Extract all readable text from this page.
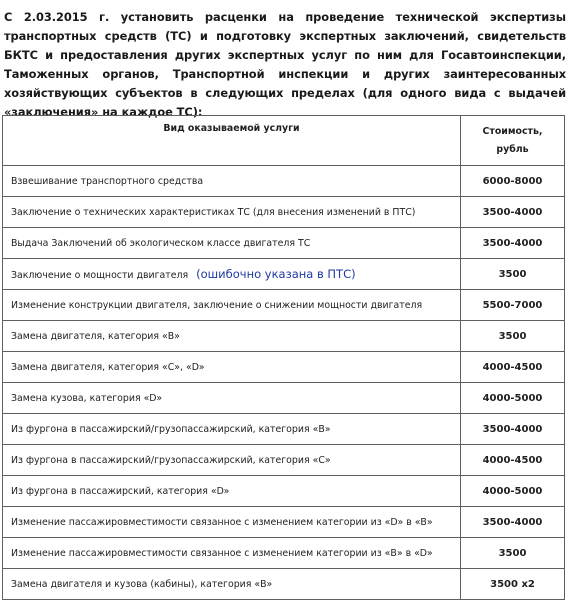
С 2.03.2015 г. установить расценки на проведение технической экспертизы транспортных средств (ТС) и подготовку экспертных заключений, свидетельств БКТС и предоставления других экспертных услуг по ним для Госавтоинспекции, Таможенных органов, Транспортной инспекции и других заинтересованных хозяйствующих субъектов в следующих пределах (для одного вида с выдачей «заключения» на каждое ТС):
Вид оказываемой услуги	Стоимость,
рубль

Взвешивание транспортного средства	6000-8000
Заключение о технических характеристиках ТС (для внесения изменений в ПТС)	3500-4000
Выдача Заключений об экологическом классе двигателя ТС	3500-4000
Заключение о мощности двигателя (ошибочно указана в ПТС)	3500
Изменение конструкции двигателя, заключение о снижении мощности двигателя	5500-7000
Замена двигателя, категория «В»	3500
Замена двигателя, категория «С», «D»	4000-4500
Замена кузова, категория «D»	4000-5000
Из фургона в пассажирский/грузопассажирский, категория «В»	3500-4000
Из фургона в пассажирский/грузопассажирский, категория «С»	4000-4500
Из фургона в пассажирский, категория «D»	4000-5000
Изменение пассажировместимости связанное с изменением категории из «D» в «В»	3500-4000
Изменение пассажировместимости связанное с изменением категории из «В» в «D»	3500
Замена двигателя и кузова (кабины), категория «В»	3500 х2
